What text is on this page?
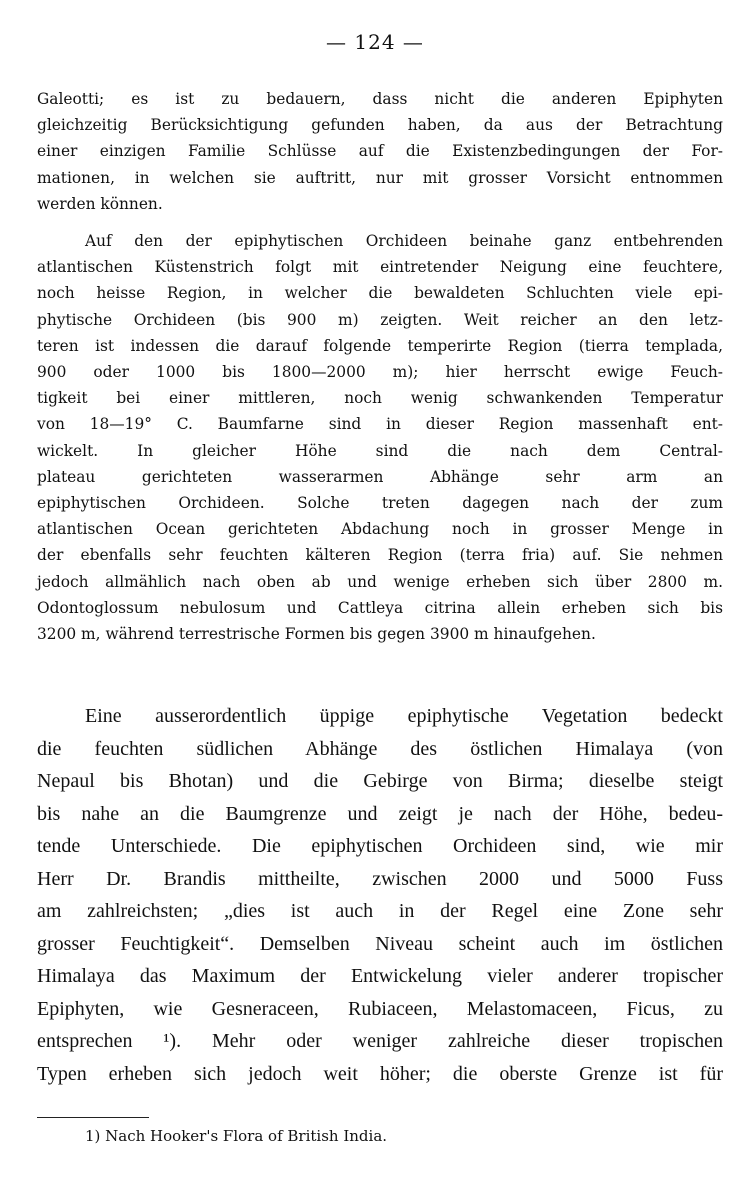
— 124 —
Galeotti; es ist zu bedauern, dass nicht die anderen Epiphyten
gleichzeitig Berücksichtigung gefunden haben, da aus der Betrachtung
einer einzigen Familie Schlüsse auf die Existenzbedingungen der For-
mationen, in welchen sie auftritt, nur mit grosser Vorsicht entnommen
werden können.
Auf den der epiphytischen Orchideen beinahe ganz entbehrenden
atlantischen Küstenstrich folgt mit eintretender Neigung eine feuchtere,
noch heisse Region, in welcher die bewaldeten Schluchten viele epi-
phytische Orchideen (bis 900 m) zeigten. Weit reicher an den letz-
teren ist indessen die darauf folgende temperirte Region (tierra templada,
900 oder 1000 bis 1800—2000 m); hier herrscht ewige Feuch-
tigkeit bei einer mittleren, noch wenig schwankenden Temperatur
von 18—19° C. Baumfarne sind in dieser Region massenhaft ent-
wickelt. In gleicher Höhe sind die nach dem Central-
plateau gerichteten wasserarmen Abhänge sehr arm an
epiphytischen Orchideen. Solche treten dagegen nach der zum
atlantischen Ocean gerichteten Abdachung noch in grosser Menge in
der ebenfalls sehr feuchten kälteren Region (terra fria) auf. Sie nehmen
jedoch allmählich nach oben ab und wenige erheben sich über 2800 m.
Odontoglossum nebulosum und Cattleya citrina allein erheben sich bis
3200 m, während terrestrische Formen bis gegen 3900 m hinaufgehen.
Eine ausserordentlich üppige epiphytische Vegetation bedeckt
die feuchten südlichen Abhänge des östlichen Himalaya (von
Nepaul bis Bhotan) und die Gebirge von Birma; dieselbe steigt
bis nahe an die Baumgrenze und zeigt je nach der Höhe, bedeu-
tende Unterschiede. Die epiphytischen Orchideen sind, wie mir
Herr Dr. Brandis mittheilte, zwischen 2000 und 5000 Fuss
am zahlreichsten; „dies ist auch in der Regel eine Zone sehr
grosser Feuchtigkeit“. Demselben Niveau scheint auch im östlichen
Himalaya das Maximum der Entwickelung vieler anderer tropischer
Epiphyten, wie Gesneraceen, Rubiaceen, Melastomaceen, Ficus, zu
entsprechen ¹). Mehr oder weniger zahlreiche dieser tropischen
Typen erheben sich jedoch weit höher; die oberste Grenze ist für
1) Nach Hooker's Flora of British India.
